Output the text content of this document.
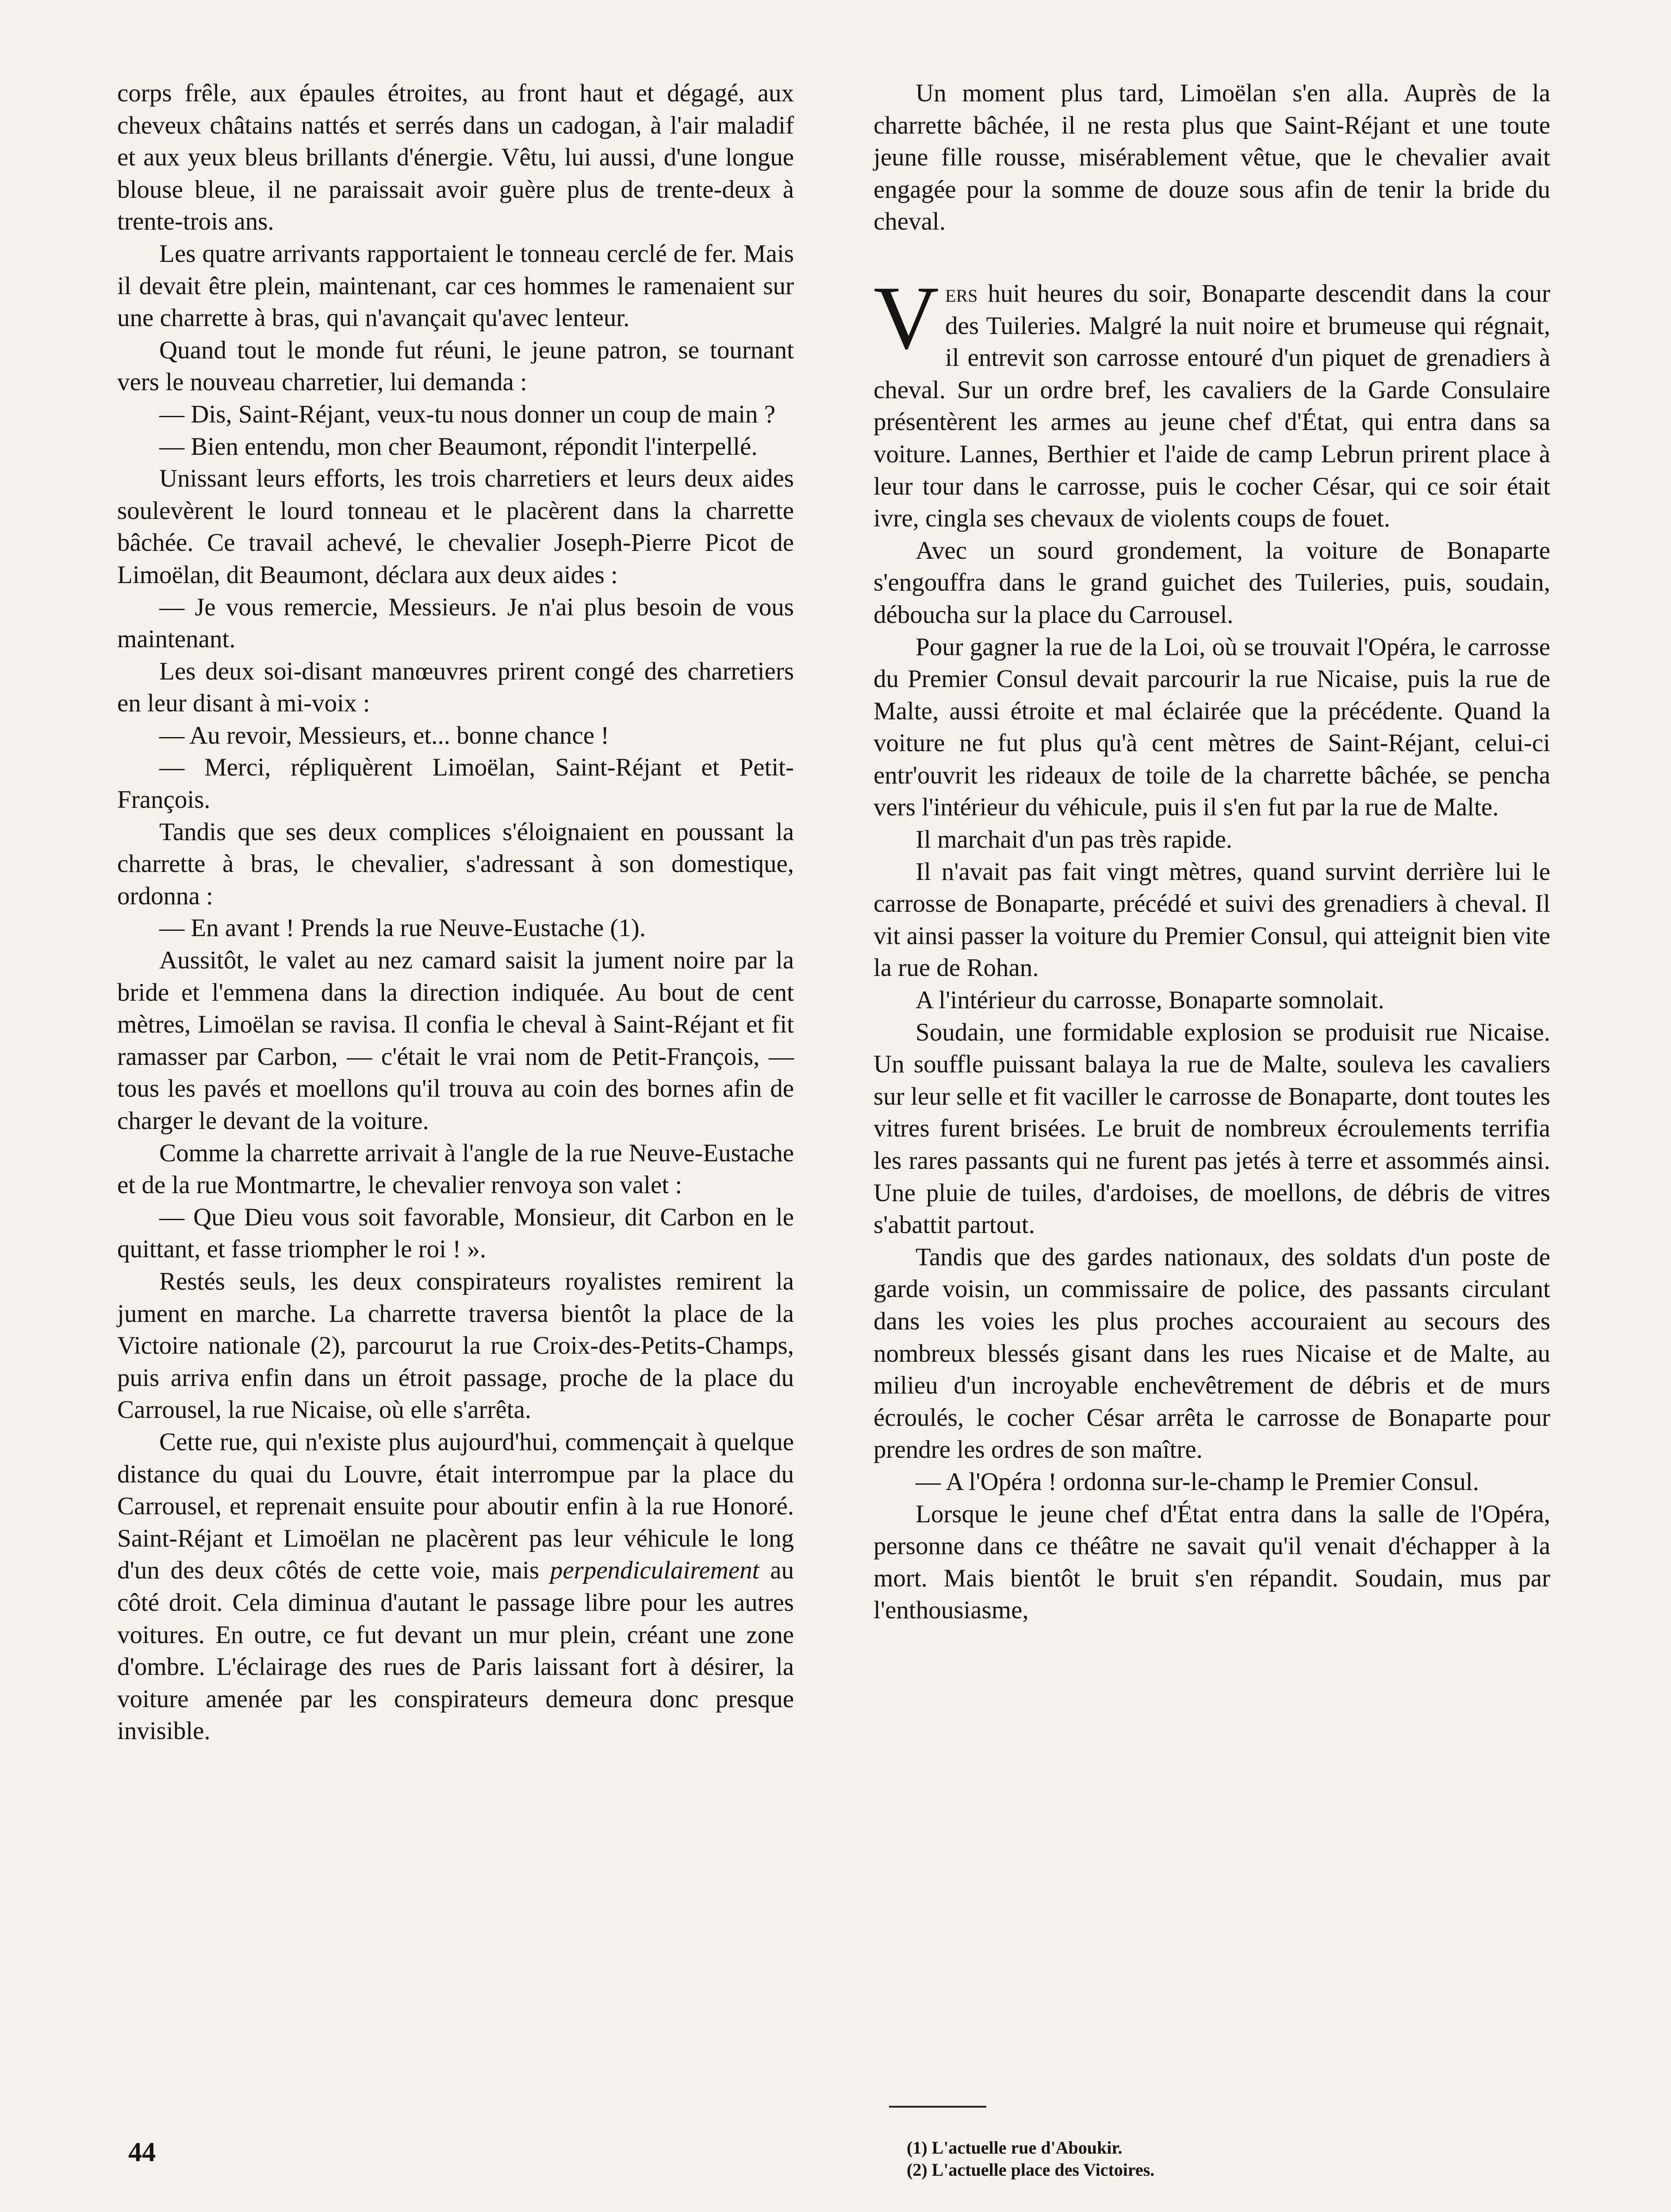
corps frêle, aux épaules étroites, au front haut et dégagé, aux cheveux châtains nattés et serrés dans un cadogan, à l'air maladif et aux yeux bleus brillants d'énergie. Vêtu, lui aussi, d'une longue blouse bleue, il ne paraissait avoir guère plus de trente-deux à trente-trois ans.

Les quatre arrivants rapportaient le tonneau cerclé de fer. Mais il devait être plein, maintenant, car ces hommes le ramenaient sur une charrette à bras, qui n'avançait qu'avec lenteur.

Quand tout le monde fut réuni, le jeune patron, se tournant vers le nouveau charretier, lui demanda :

— Dis, Saint-Réjant, veux-tu nous donner un coup de main ?

— Bien entendu, mon cher Beaumont, répondit l'interpellé.

Unissant leurs efforts, les trois charretiers et leurs deux aides soulevèrent le lourd tonneau et le placèrent dans la charrette bâchée. Ce travail achevé, le chevalier Joseph-Pierre Picot de Limoëlan, dit Beaumont, déclara aux deux aides :

— Je vous remercie, Messieurs. Je n'ai plus besoin de vous maintenant.

Les deux soi-disant manœuvres prirent congé des charretiers en leur disant à mi-voix :

— Au revoir, Messieurs, et... bonne chance !

— Merci, répliquèrent Limoëlan, Saint-Réjant et Petit-François.

Tandis que ses deux complices s'éloignaient en poussant la charrette à bras, le chevalier, s'adressant à son domestique, ordonna :

— En avant ! Prends la rue Neuve-Eustache (1).

Aussitôt, le valet au nez camard saisit la jument noire par la bride et l'emmena dans la direction indiquée. Au bout de cent mètres, Limoëlan se ravisa. Il confia le cheval à Saint-Réjant et fit ramasser par Carbon, — c'était le vrai nom de Petit-François, — tous les pavés et moellons qu'il trouva au coin des bornes afin de charger le devant de la voiture.

Comme la charrette arrivait à l'angle de la rue Neuve-Eustache et de la rue Montmartre, le chevalier renvoya son valet :

— Que Dieu vous soit favorable, Monsieur, dit Carbon en le quittant, et fasse triompher le roi ! ».

Restés seuls, les deux conspirateurs royalistes remirent la jument en marche. La charrette traversa bientôt la place de la Victoire nationale (2), parcourut la rue Croix-des-Petits-Champs, puis arriva enfin dans un étroit passage, proche de la place du Carrousel, la rue Nicaise, où elle s'arrêta.

Cette rue, qui n'existe plus aujourd'hui, commençait à quelque distance du quai du Louvre, était interrompue par la place du Carrousel, et reprenait ensuite pour aboutir enfin à la rue Honoré. Saint-Réjant et Limoëlan ne placèrent pas leur véhicule le long d'un des deux côtés de cette voie, mais perpendiculairement au côté droit. Cela diminua d'autant le passage libre pour les autres voitures. En outre, ce fut devant un mur plein, créant une zone d'ombre. L'éclairage des rues de Paris laissant fort à désirer, la voiture amenée par les conspirateurs demeura donc presque invisible.

Un moment plus tard, Limoëlan s'en alla. Auprès de la charrette bâchée, il ne resta plus que Saint-Réjant et une toute jeune fille rousse, misérablement vêtue, que le chevalier avait engagée pour la somme de douze sous afin de tenir la bride du cheval.

Vers huit heures du soir, Bonaparte descendit dans la cour des Tuileries. Malgré la nuit noire et brumeuse qui régnait, il entrevit son carrosse entouré d'un piquet de grenadiers à cheval. Sur un ordre bref, les cavaliers de la Garde Consulaire présentèrent les armes au jeune chef d'État, qui entra dans sa voiture. Lannes, Berthier et l'aide de camp Lebrun prirent place à leur tour dans le carrosse, puis le cocher César, qui ce soir était ivre, cingla ses chevaux de violents coups de fouet.

Avec un sourd grondement, la voiture de Bonaparte s'engouffra dans le grand guichet des Tuileries, puis, soudain, déboucha sur la place du Carrousel.

Pour gagner la rue de la Loi, où se trouvait l'Opéra, le carrosse du Premier Consul devait parcourir la rue Nicaise, puis la rue de Malte, aussi étroite et mal éclairée que la précédente. Quand la voiture ne fut plus qu'à cent mètres de Saint-Réjant, celui-ci entr'ouvrit les rideaux de toile de la charrette bâchée, se pencha vers l'intérieur du véhicule, puis il s'en fut par la rue de Malte.

Il marchait d'un pas très rapide.

Il n'avait pas fait vingt mètres, quand survint derrière lui le carrosse de Bonaparte, précédé et suivi des grenadiers à cheval. Il vit ainsi passer la voiture du Premier Consul, qui atteignit bien vite la rue de Rohan.

A l'intérieur du carrosse, Bonaparte somnolait.

Soudain, une formidable explosion se produisit rue Nicaise. Un souffle puissant balaya la rue de Malte, souleva les cavaliers sur leur selle et fit vaciller le carrosse de Bonaparte, dont toutes les vitres furent brisées. Le bruit de nombreux écroulements terrifia les rares passants qui ne furent pas jetés à terre et assommés ainsi. Une pluie de tuiles, d'ardoises, de moellons, de débris de vitres s'abattit partout.

Tandis que des gardes nationaux, des soldats d'un poste de garde voisin, un commissaire de police, des passants circulant dans les voies les plus proches accouraient au secours des nombreux blessés gisant dans les rues Nicaise et de Malte, au milieu d'un incroyable enchevêtrement de débris et de murs écroulés, le cocher César arrêta le carrosse de Bonaparte pour prendre les ordres de son maître.

— A l'Opéra ! ordonna sur-le-champ le Premier Consul.

Lorsque le jeune chef d'État entra dans la salle de l'Opéra, personne dans ce théâtre ne savait qu'il venait d'échapper à la mort. Mais bientôt le bruit s'en répandit. Soudain, mus par l'enthousiasme,

(1) L'actuelle rue d'Aboukir.
(2) L'actuelle place des Victoires.
44
